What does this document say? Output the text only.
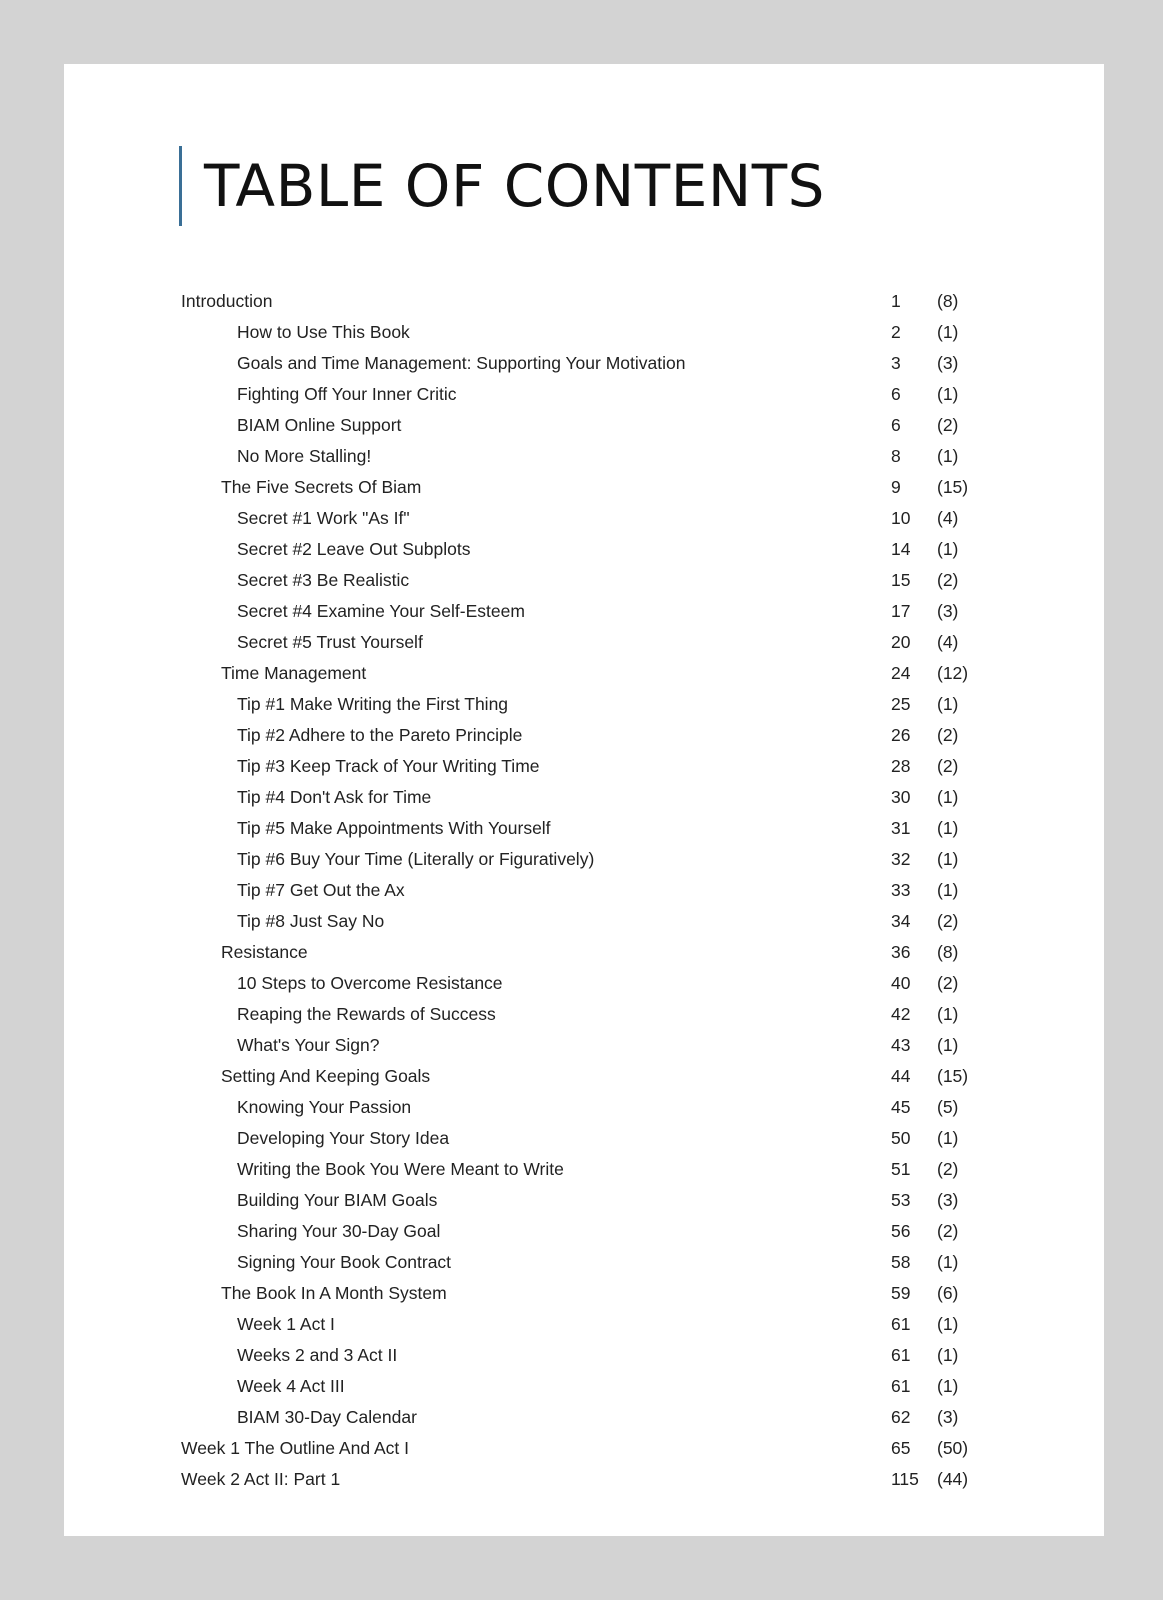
TABLE OF CONTENTS
Introduction	1	(8)
How to Use This Book	2	(1)
Goals and Time Management: Supporting Your Motivation	3	(3)
Fighting Off Your Inner Critic	6	(1)
BIAM Online Support	6	(2)
No More Stalling!	8	(1)
The Five Secrets Of Biam	9	(15)
Secret #1 Work "As If"	10	(4)
Secret #2 Leave Out Subplots	14	(1)
Secret #3 Be Realistic	15	(2)
Secret #4 Examine Your Self-Esteem	17	(3)
Secret #5 Trust Yourself	20	(4)
Time Management	24	(12)
Tip #1 Make Writing the First Thing	25	(1)
Tip #2 Adhere to the Pareto Principle	26	(2)
Tip #3 Keep Track of Your Writing Time	28	(2)
Tip #4 Don't Ask for Time	30	(1)
Tip #5 Make Appointments With Yourself	31	(1)
Tip #6 Buy Your Time (Literally or Figuratively)	32	(1)
Tip #7 Get Out the Ax	33	(1)
Tip #8 Just Say No	34	(2)
Resistance	36	(8)
10 Steps to Overcome Resistance	40	(2)
Reaping the Rewards of Success	42	(1)
What's Your Sign?	43	(1)
Setting And Keeping Goals	44	(15)
Knowing Your Passion	45	(5)
Developing Your Story Idea	50	(1)
Writing the Book You Were Meant to Write	51	(2)
Building Your BIAM Goals	53	(3)
Sharing Your 30-Day Goal	56	(2)
Signing Your Book Contract	58	(1)
The Book In A Month System	59	(6)
Week 1 Act I	61	(1)
Weeks 2 and 3 Act II	61	(1)
Week 4 Act III	61	(1)
BIAM 30-Day Calendar	62	(3)
Week 1 The Outline And Act I	65	(50)
Week 2 Act II: Part 1	115	(44)
